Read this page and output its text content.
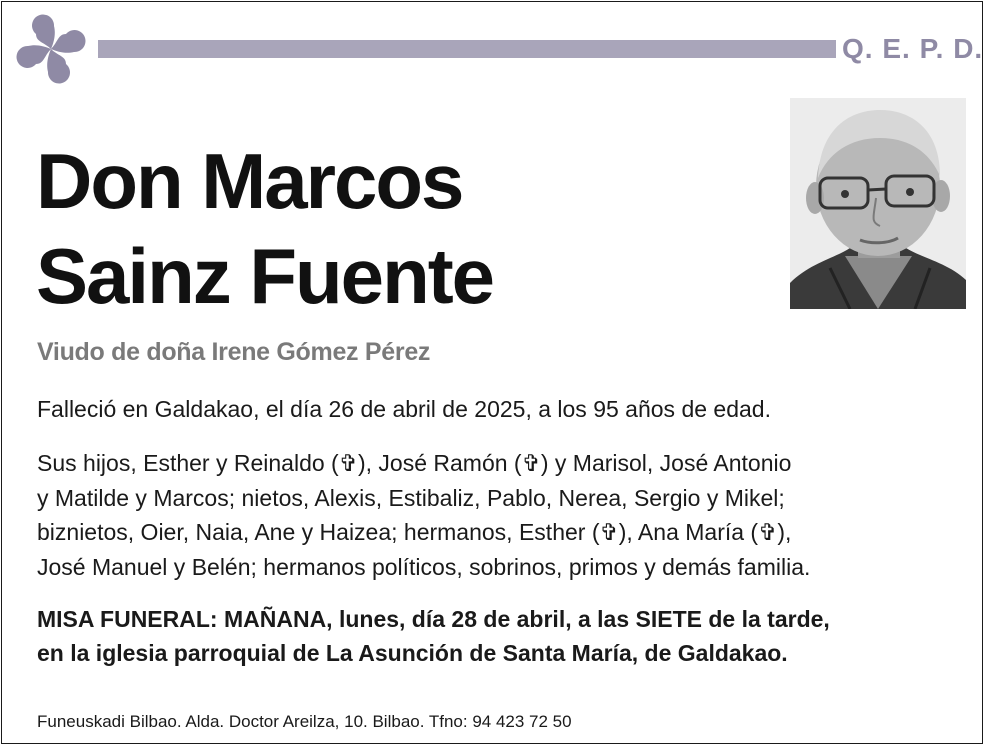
Q. E. P. D.
Don Marcos
Sainz Fuente
Viudo de doña Irene Gómez Pérez
Falleció en Galdakao, el día 26 de abril de 2025, a los 95 años de edad.
Sus hijos, Esther y Reinaldo (✞), José Ramón (✞) y Marisol, José Antonio
y Matilde y Marcos; nietos, Alexis, Estibaliz, Pablo, Nerea, Sergio y Mikel;
biznietos, Oier, Naia, Ane y Haizea; hermanos, Esther (✞), Ana María (✞),
José Manuel y Belén; hermanos políticos, sobrinos, primos y demás familia.
MISA FUNERAL: MAÑANA, lunes, día 28 de abril, a las SIETE de la tarde,
en la iglesia parroquial de La Asunción de Santa María, de Galdakao.
Funeuskadi Bilbao. Alda. Doctor Areilza, 10. Bilbao. Tfno: 94 423 72 50
